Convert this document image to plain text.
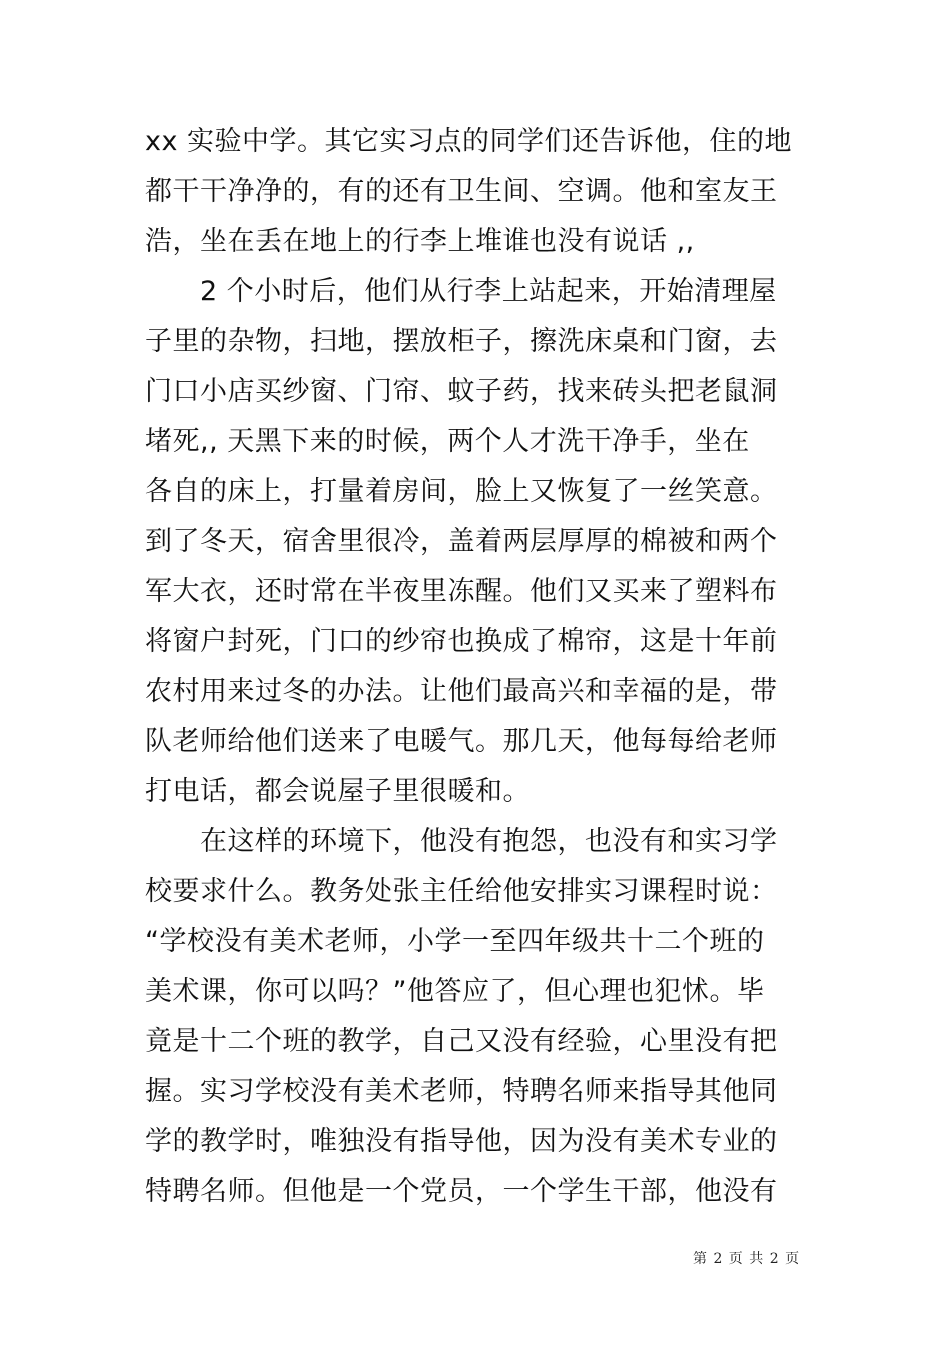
xx 实验中学。其它实习点的同学们还告诉他，住的地
都干干净净的，有的还有卫生间、空调。他和室友王
浩，坐在丢在地上的行李上堆谁也没有说话 ,,
　　2 个小时后，他们从行李上站起来，开始清理屋
子里的杂物，扫地，摆放柜子，擦洗床桌和门窗，去
门口小店买纱窗、门帘、蚊子药，找来砖头把老鼠洞
堵死,, 天黑下来的时候，两个人才洗干净手，坐在
各自的床上，打量着房间，脸上又恢复了一丝笑意。
到了冬天，宿舍里很冷，盖着两层厚厚的棉被和两个
军大衣，还时常在半夜里冻醒。他们又买来了塑料布
将窗户封死，门口的纱帘也换成了棉帘，这是十年前
农村用来过冬的办法。让他们最高兴和幸福的是，带
队老师给他们送来了电暖气。那几天，他每每给老师
打电话，都会说屋子里很暖和。
　　在这样的环境下，他没有抱怨，也没有和实习学
校要求什么。教务处张主任给他安排实习课程时说：
“学校没有美术老师，小学一至四年级共十二个班的
美术课，你可以吗？”他答应了，但心理也犯怵。毕
竟是十二个班的教学，自己又没有经验，心里没有把
握。实习学校没有美术老师，特聘名师来指导其他同
学的教学时，唯独没有指导他，因为没有美术专业的
特聘名师。但他是一个党员，一个学生干部，他没有
第 2 页 共 2 页
